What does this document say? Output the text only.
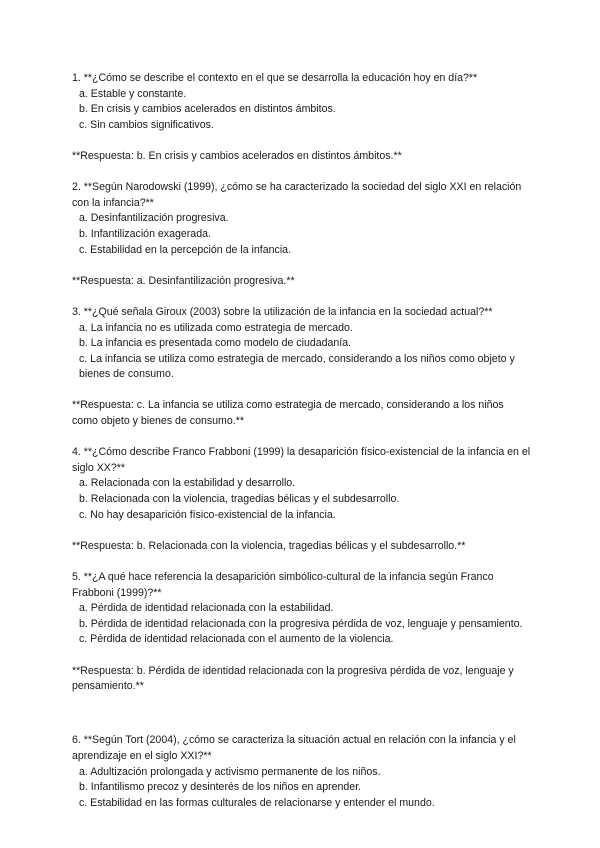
1. **¿Cómo se describe el contexto en el que se desarrolla la educación hoy en día?**

a. Estable y constante.

b. En crisis y cambios acelerados en distintos ámbitos.

c. Sin cambios significativos.

**Respuesta: b. En crisis y cambios acelerados en distintos ámbitos.**

2. **Según Narodowski (1999), ¿cómo se ha caracterizado la sociedad del siglo XXI en relación con la infancia?**

a. Desinfantilización progresiva.

b. Infantilización exagerada.

c. Estabilidad en la percepción de la infancia.

**Respuesta: a. Desinfantilización progresiva.**

3. **¿Qué señala Giroux (2003) sobre la utilización de la infancia en la sociedad actual?**

a. La infancia no es utilizada como estrategia de mercado.

b. La infancia es presentada como modelo de ciudadanía.

c. La infancia se utiliza como estrategia de mercado, considerando a los niños como objeto y bienes de consumo.

**Respuesta: c. La infancia se utiliza como estrategia de mercado, considerando a los niños como objeto y bienes de consumo.**

4. **¿Cómo describe Franco Frabboni (1999) la desaparición físico-existencial de la infancia en el siglo XX?**

a. Relacionada con la estabilidad y desarrollo.

b. Relacionada con la violencia, tragedias bélicas y el subdesarrollo.

c. No hay desaparición físico-existencial de la infancia.

**Respuesta: b. Relacionada con la violencia, tragedias bélicas y el subdesarrollo.**

5. **¿A qué hace referencia la desaparición simbólico-cultural de la infancia según Franco Frabboni (1999)?**

a. Pérdida de identidad relacionada con la estabilidad.

b. Pérdida de identidad relacionada con la progresiva pérdida de voz, lenguaje y pensamiento.

c. Pérdida de identidad relacionada con el aumento de la violencia.

**Respuesta: b. Pérdida de identidad relacionada con la progresiva pérdida de voz, lenguaje y pensamiento.**

6. **Según Tort (2004), ¿cómo se caracteriza la situación actual en relación con la infancia y el aprendizaje en el siglo XXI?**

a. Adultización prolongada y activismo permanente de los niños.

b. Infantilismo precoz y desinterés de los niños en aprender.

c. Estabilidad en las formas culturales de relacionarse y entender el mundo.
